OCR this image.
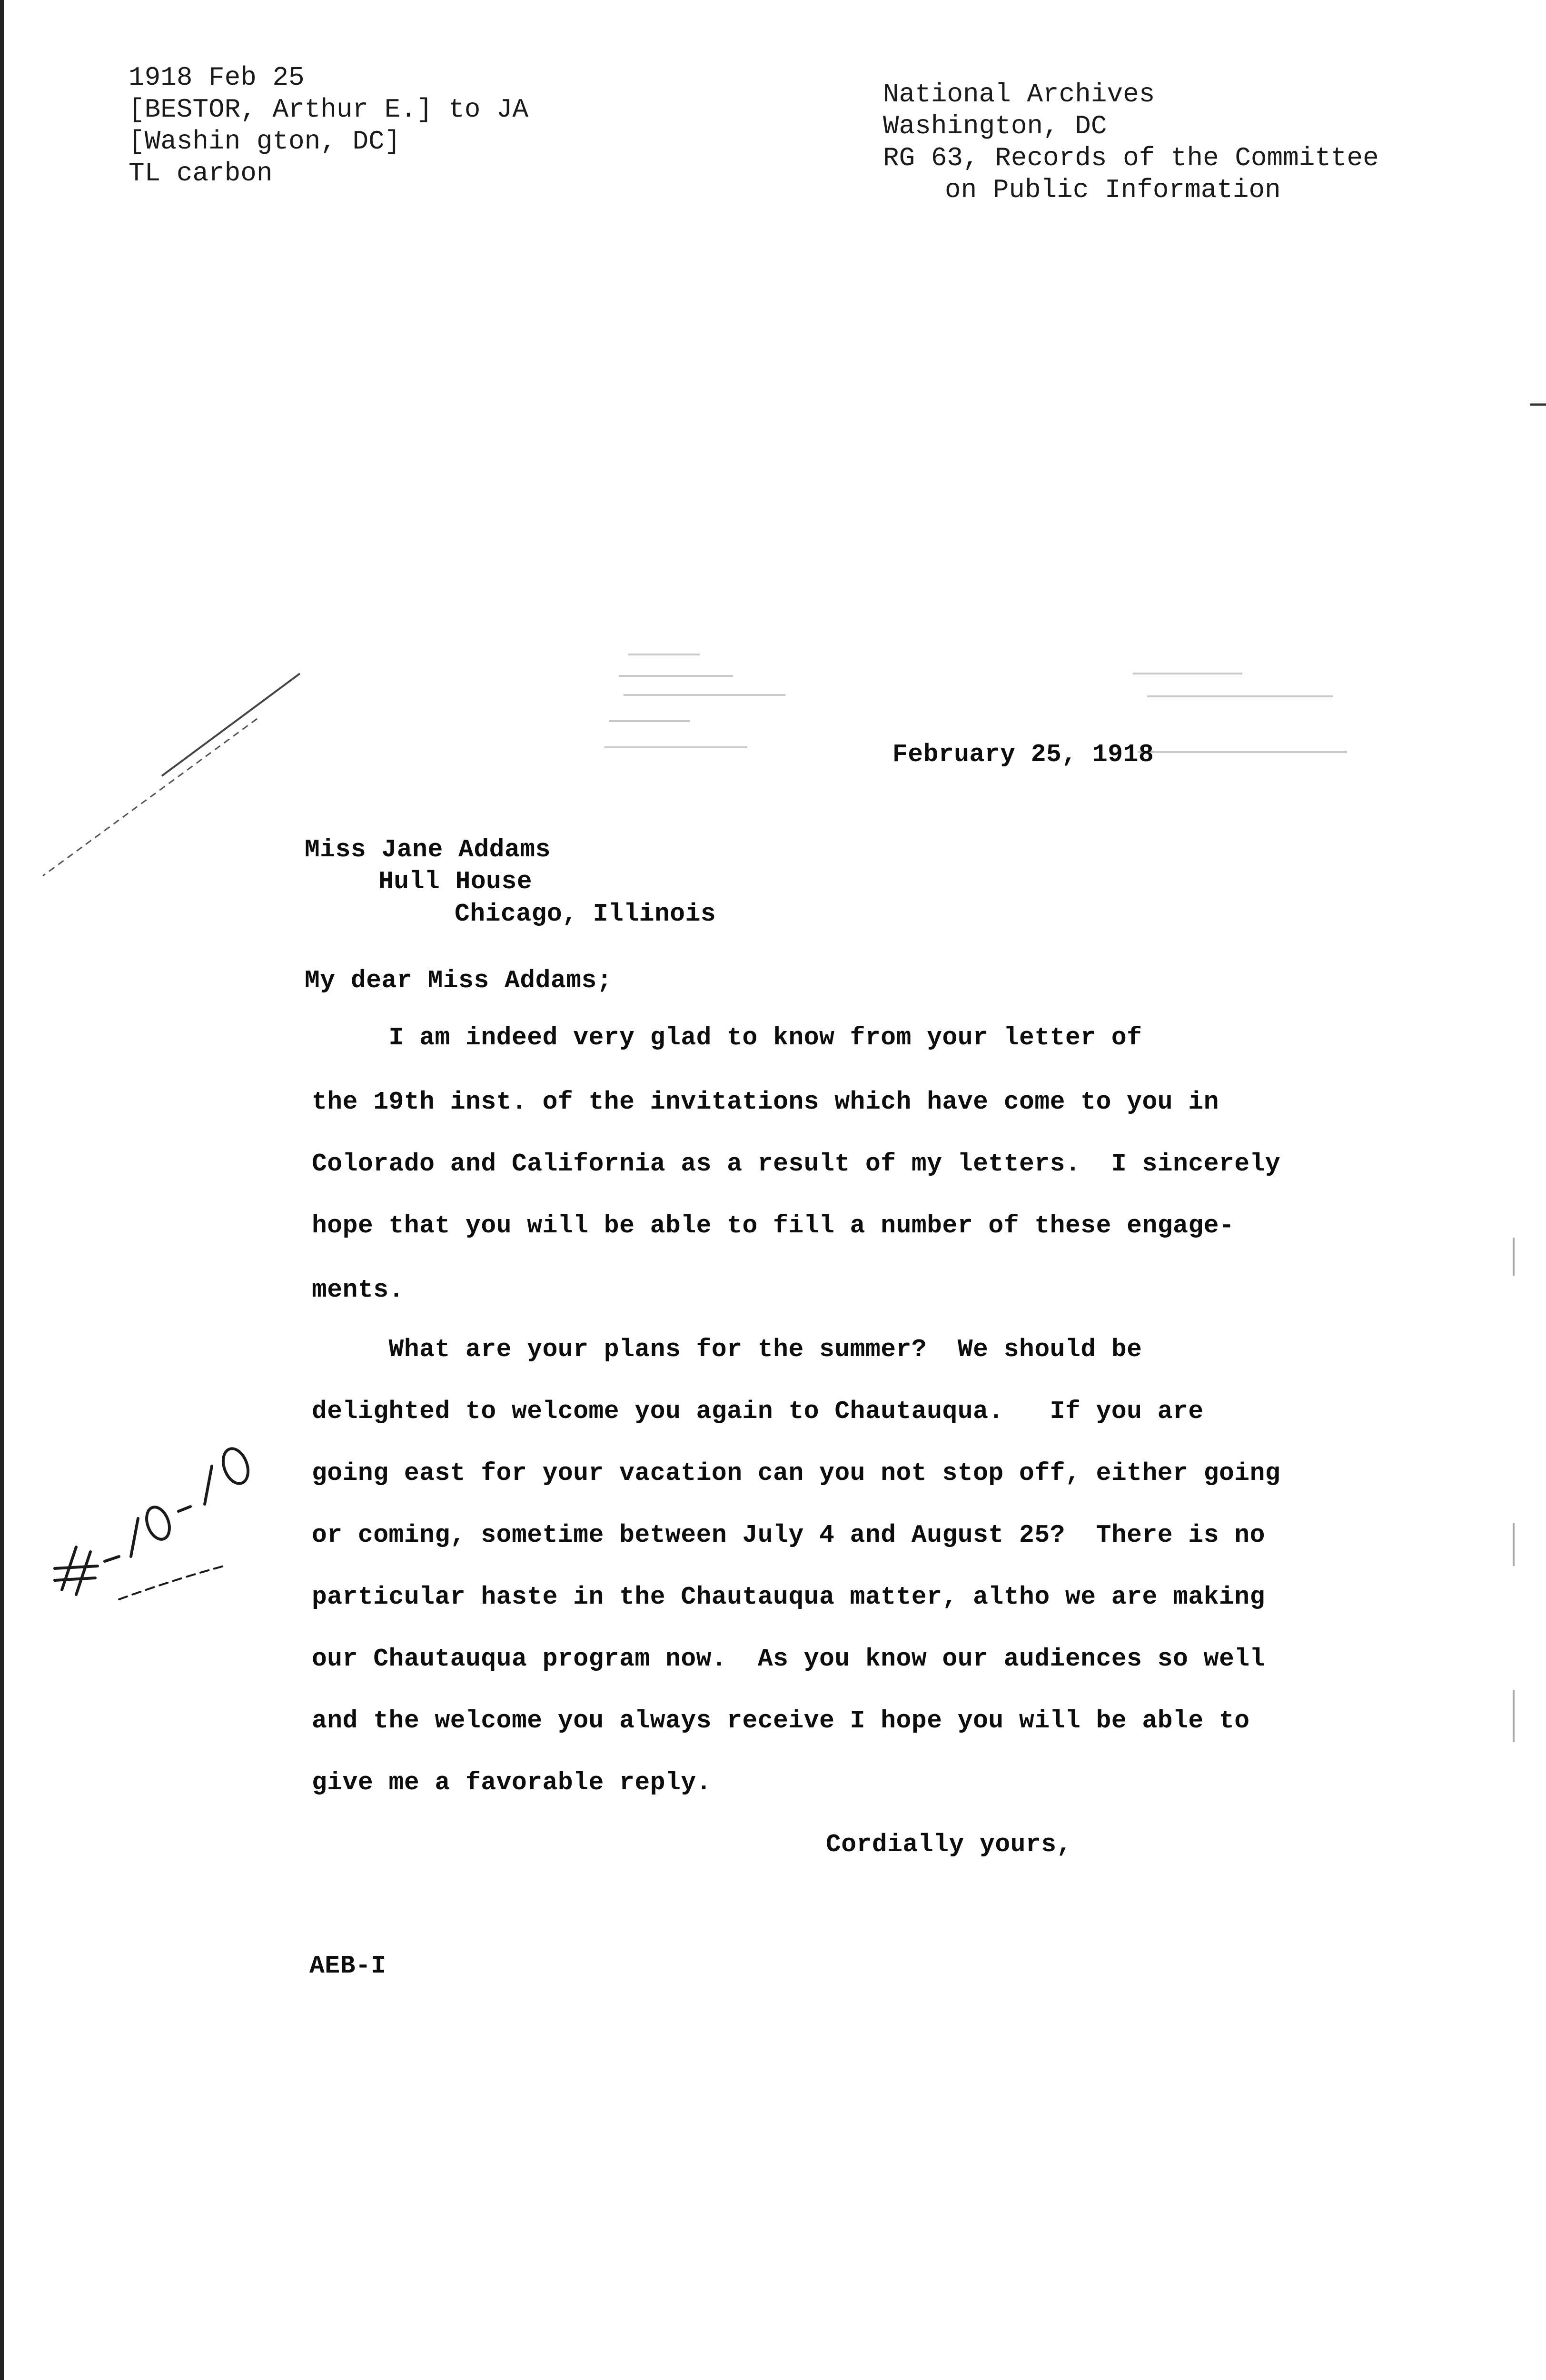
1918 Feb 25
[BESTOR, Arthur E.] to JA
[Washin gton, DC]
TL carbon
National Archives
Washington, DC
RG 63, Records of the Committee
on Public Information
February 25, 1918
Miss Jane Addams
Hull House
Chicago, Illinois
My dear Miss Addams;
I am indeed very glad to know from your letter of
the 19th inst. of the invitations which have come to you in
Colorado and California as a result of my letters.  I sincerely
hope that you will be able to fill a number of these engage-
ments.
What are your plans for the summer?  We should be
delighted to welcome you again to Chautauqua.   If you are
going east for your vacation can you not stop off, either going
or coming, sometime between July 4 and August 25?  There is no
particular haste in the Chautauqua matter, altho we are making
our Chautauqua program now.  As you know our audiences so well
and the welcome you always receive I hope you will be able to
give me a favorable reply.
Cordially yours,
AEB-I
